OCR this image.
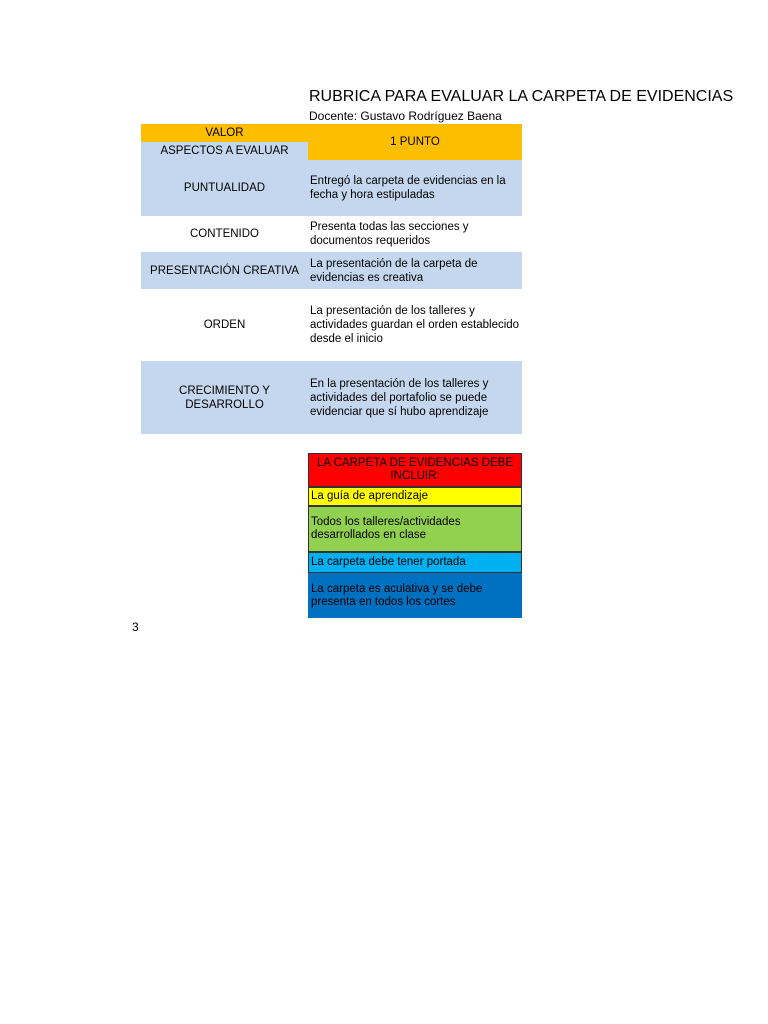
RUBRICA PARA EVALUAR LA CARPETA DE EVIDENCIAS
Docente: Gustavo Rodríguez Baena
VALOR
ASPECTOS A EVALUAR
1 PUNTO
PUNTUALIDAD
Entregó la carpeta de evidencias en la fecha y hora estipuladas
CONTENIDO
Presenta todas las secciones y documentos requeridos
PRESENTACIÓN CREATIVA
La presentación de la carpeta de evidencias es creativa
ORDEN
La presentación de los talleres y actividades guardan el orden establecido desde el inicio
CRECIMIENTO Y DESARROLLO
En la presentación de los talleres y actividades del portafolio se puede evidenciar que sí hubo aprendizaje
LA CARPETA DE EVIDENCIAS DEBE INCLUIR:
La guía de aprendizaje
Todos los talleres/actividades desarrollados en clase
La carpeta debe tener portada
La carpeta es aculativa y se debe presenta en todos los cortes
3
